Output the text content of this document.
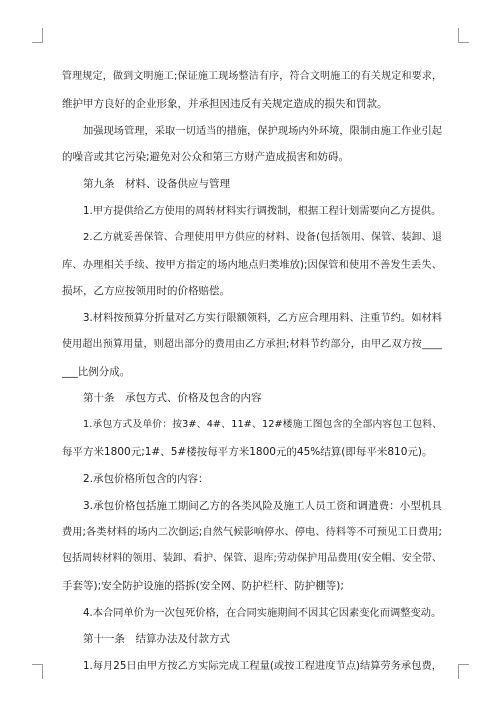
管理规定，做到文明施工;保证施工现场整洁有序，符合文明施工的有关规定和要求，
维护甲方良好的企业形象，并承担因违反有关规定造成的损失和罚款。
加强现场管理，采取一切适当的措施，保护现场内外环境，限制由施工作业引起
的噪音或其它污染;避免对公众和第三方财产造成损害和妨碍。
第九条　材料、设备供应与管理
1.甲方提供给乙方使用的周转材料实行调拨制，根据工程计划需要向乙方提供。
2.乙方就妥善保管、合理使用甲方供应的材料、设备(包括领用、保管、装卸、退
库、办理相关手续、按甲方指定的场内地点归类堆放);因保管和使用不善发生丢失、
损坏，乙方应按领用时的价格赔偿。
3.材料按预算分折量对乙方实行限额领料，乙方应合理用料、注重节约。如材料
使用超出预算用量，则超出部分的费用由乙方承担;材料节约部分，由甲乙双方按____
___比例分成。
第十条　承包方式、价格及包含的内容
1.承包方式及单价：按3#、4#、11#、12#楼施工图包含的全部内容包工包料、
每平方米1800元;1#、5#楼按每平方米1800元的45%结算(即每平米810元)。
2.承包价格所包含的内容：
3.承包价格包括施工期间乙方的各类风险及施工人员工资和调遣费：小型机具
费用;各类材料的场内二次倒运;自然气候影响停水、停电、待料等不可预见工日费用;
包括周转材料的领用、装卸、看护、保管、退库;劳动保护用品费用(安全帽、安全带、
手套等);安全防护设施的搭拆(安全网、防护栏杆、防护棚等);
4.本合同单价为一次包死价格，在合同实施期间不因其它因素变化而调整变动。
第十一条　结算办法及付款方式
1.每月25日由甲方按乙方实际完成工程量(或按工程进度节点)结算劳务承包费，
